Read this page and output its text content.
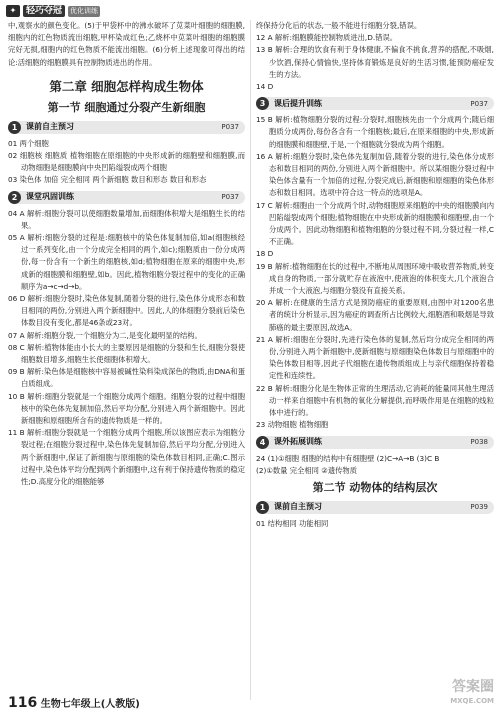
✦	轻巧夺冠	优化训练

中,观察水的颜色变化。(5)于甲袋杯中的沸水破坏了苋菜叶细胞的细胞膜,细胞内的红色物质流出细胞,甲杯染成红色;乙烧杯中苋菜叶细胞的细胞膜完好无损,细胞内的红色物质不能流出细胞。(6)分析上述现象可得出的结论:活细胞的细胞膜具有控制物质进出的作用。

第二章 细胞怎样构成生物体
第一节 细胞通过分裂产生新细胞
1	课前自主预习	P037

01 两个细胞

02 细胞核 细胞质 植物细胞在原细胞的中央形成新的细胞壁和细胞膜,而动物细胞是细胞膜向中央凹陷缢裂成两个细胞

03 染色体 加倍 完全相同 两个新细胞 数目和形态 数目和形态

2	课堂巩固训练	P037

04 A 解析:细胞分裂可以使细胞数量增加,而细胞体积增大是细胞生长的结果。

05 A 解析:细胞分裂的过程是:细胞核中的染色体复制加倍,如a(细胞核经过一系列变化,由一个分成完全相同的两个,如c);细胞质由一份分成两份,每一份含有一个新生的细胞核,如d;植物细胞在原来的细胞中央,形成新的细胞膜和细胞壁,如b。因此,植物细胞分裂过程中的变化的正确顺序为a→c→d→b。

06 D 解析:细胞分裂时,染色体复制,随着分裂的进行,染色体分成形态和数目相同的两份,分别进入两个新细胞中。因此,人的体细胞分裂前后染色体数目没有变化,都是46条或23对。

07 A 解析:细胞分裂,一个细胞分为二,是变化最明显的结构。

08 C 解析:植物体能由小长大的主要原因是细胞的分裂和生长,细胞分裂使细胞数目增多,细胞生长使细胞体积增大。

09 B 解析:染色体是细胞核中容易被碱性染料染成深色的物质,由DNA和蛋白质组成。

10 B 解析:细胞分裂就是一个细胞分成两个细胞。细胞分裂的过程中细胞核中的染色体先复制加倍,然后平均分配,分别进入两个新细胞中。因此新细胞和原细胞所含有的遗传物质是一样的。

11 B 解析:细胞分裂就是一个细胞分成两个细胞,所以该图应表示为细胞分裂过程;在细胞分裂过程中,染色体先复制加倍,然后平均分配,分别进入两个新细胞中,保证了新细胞与原细胞的染色体数目相同,正确;C.图示过程中,染色体平均分配到两个新细胞中,这有利于保持遗传物质的稳定性;D.高度分化的细胞能够

终保持分化后的状态,一般不能进行细胞分裂,错误。

12 A 解析:细胞膜能控制物质进出,D.错误。

13 B 解析:合理的饮食有利于身体健康,不偏食不挑食,营养的搭配,不吸烟,少饮酒,保持心情愉快,坚持体育锻炼是良好的生活习惯,能预防癌症发生的方法。

14 D

3	课后提升训练	P037

15 B 解析:植物细胞分裂的过程:分裂时,细胞核先由一个分成两个;随后细胞质分成两份,每份各含有一个细胞核;最后,在原来细胞的中央,形成新的细胞膜和细胞壁,于是,一个细胞就分裂成为两个细胞。

16 A 解析:细胞分裂时,染色体先复制加倍,随着分裂的进行,染色体分成形态和数目相同的两份,分别进入两个新细胞中。所以某细胞分裂过程中染色体含量有一个加倍的过程,分裂完成后,新细胞和原细胞的染色体形态和数目相同。选项中符合这一特点的选项是A。

17 C 解析:细胞由一个分成两个时,动物细胞原来细胞的中央的细胞膜向内凹陷缢裂成两个细胞;植物细胞在中央形成新的细胞膜和细胞壁,由一个分成两个。因此动物细胞和植物细胞的分裂过程不同,分裂过程一样,C不正确。

18 D

19 B 解析:植物细胞在长的过程中,不断地从周围环境中吸收营养物质,转变成自身的物质,一部分就贮存在液泡中,使液泡的体积变大,几个液泡合并成一个大液泡,与细胞分裂没有直接关系。

20 A 解析:在健康的生活方式是预防癌症的重要原则,由图中对1200名患者的统计分析显示,因为癌症的调查所占比例较大,细胞酒和吸烟是导致肺癌的最主要原因,故选A。

21 A 解析:细胞在分裂时,先进行染色体的复制,然后均分成完全相同的两份,分别进入两个新细胞中,使新细胞与原细胞染色体数目与原细胞中的染色体数目相等,因此子代细胞在遗传物质组成上与亲代细胞保持着稳定性和连续性。

22 B 解析:细胞分化是生物体正常的生理活动,它消耗的能量同其他生理活动一样来自细胞中有机物的氧化分解提供,而呼吸作用是在细胞的线粒体中进行的。

23 动物细胞 植物细胞

4	课外拓展训练	P038

24 (1)①细胞 细胞的结构中有细胞壁 (2)C→A→B (3)C B

(2)①数量 完全相同 ②遗传物质

第二节 动物体的结构层次
1	课前自主预习	P039

01 结构相同 功能相同

116 生物七年级上(人教版)
答案圈
MXQE.COM
